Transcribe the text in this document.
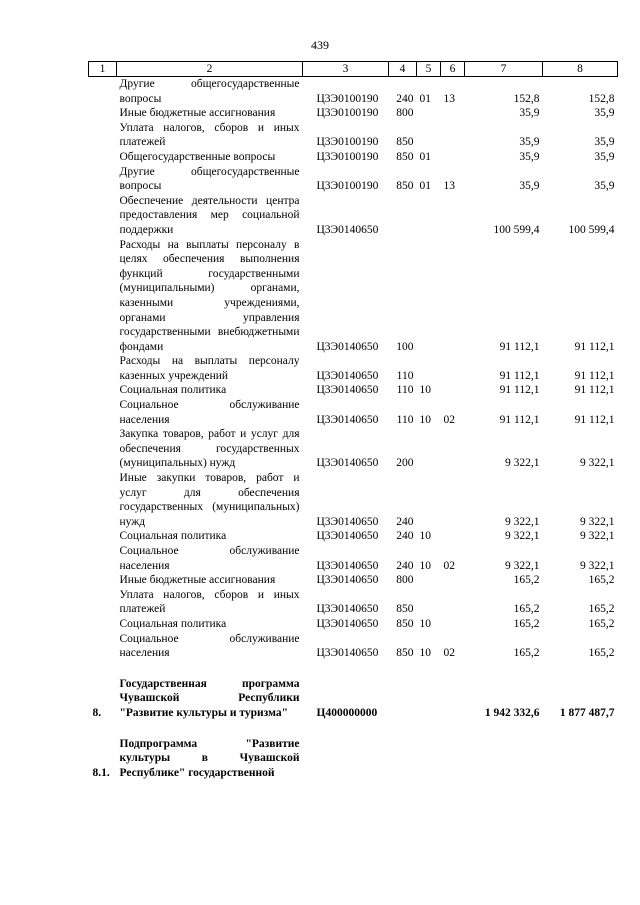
439
1	2	3	4	5	6	7	8
	Другие общегосударственные вопросы	Ц3Э0100190	240	01	13	152,8	152,8
	Иные бюджетные ассигнования	Ц3Э0100190	800			35,9	35,9
	Уплата налогов, сборов и иных платежей	Ц3Э0100190	850			35,9	35,9
	Общегосударственные вопросы	Ц3Э0100190	850	01		35,9	35,9
	Другие общегосударственные вопросы	Ц3Э0100190	850	01	13	35,9	35,9
	Обеспечение деятельности центра предоставления мер социальной поддержки	Ц3Э0140650				100 599,4	100 599,4
	Расходы на выплаты персоналу в целях обеспечения выполнения функций государственными (муниципальными) органами, казенными учреждениями, органами управления государственными внебюджетными фондами	Ц3Э0140650	100			91 112,1	91 112,1
	Расходы на выплаты персоналу казенных учреждений	Ц3Э0140650	110			91 112,1	91 112,1
	Социальная политика	Ц3Э0140650	110	10		91 112,1	91 112,1
	Социальное обслуживание населения	Ц3Э0140650	110	10	02	91 112,1	91 112,1
	Закупка товаров, работ и услуг для обеспечения государственных (муниципальных) нужд	Ц3Э0140650	200			9 322,1	9 322,1
	Иные закупки товаров, работ и услуг для обеспечения государственных (муниципальных) нужд	Ц3Э0140650	240			9 322,1	9 322,1
	Социальная политика	Ц3Э0140650	240	10		9 322,1	9 322,1
	Социальное обслуживание населения	Ц3Э0140650	240	10	02	9 322,1	9 322,1
	Иные бюджетные ассигнования	Ц3Э0140650	800			165,2	165,2
	Уплата налогов, сборов и иных платежей	Ц3Э0140650	850			165,2	165,2
	Социальная политика	Ц3Э0140650	850	10		165,2	165,2
	Социальное обслуживание населения	Ц3Э0140650	850	10	02	165,2	165,2

8.	Государственная программа Чувашской Республики "Развитие культуры и туризма"	Ц400000000				1 942 332,6	1 877 487,7

8.1.	Подпрограмма "Развитие культуры в Чувашской Республике" государственной						
